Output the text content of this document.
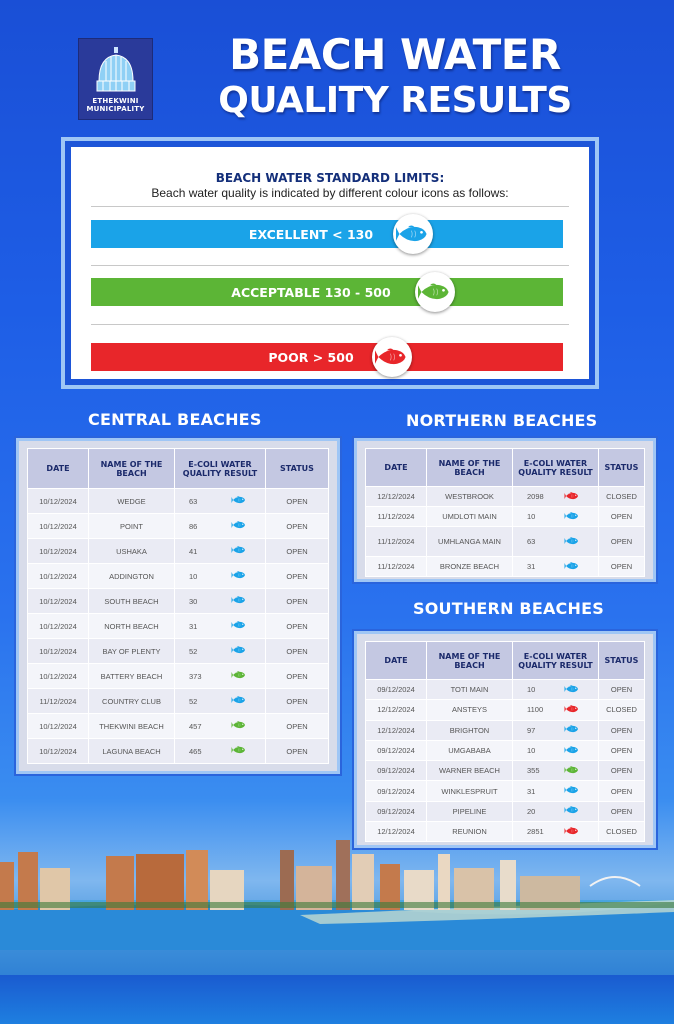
ETHEKWINI
MUNICIPALITY
BEACH WATER
QUALITY RESULTS
BEACH WATER STANDARD LIMITS:
Beach water quality is indicated by different colour icons as follows:
EXCELLENT < 130
ACCEPTABLE 130 - 500
POOR > 500
CENTRAL BEACHES
DATE	NAME OF THE BEACH	E-COLI WATER QUALITY RESULT	STATUS
10/12/2024	WEDGE	63	OPEN
10/12/2024	POINT	86	OPEN
10/12/2024	USHAKA	41	OPEN
10/12/2024	ADDINGTON	10	OPEN
10/12/2024	SOUTH BEACH	30	OPEN
10/12/2024	NORTH BEACH	31	OPEN
10/12/2024	BAY OF PLENTY	52	OPEN
10/12/2024	BATTERY BEACH	373	OPEN
11/12/2024	COUNTRY CLUB	52	OPEN
10/12/2024	THEKWINI BEACH	457	OPEN
10/12/2024	LAGUNA BEACH	465	OPEN
NORTHERN BEACHES
DATE	NAME OF THE BEACH	E-COLI WATER QUALITY RESULT	STATUS
12/12/2024	WESTBROOK	2098	CLOSED
11/12/2024	UMDLOTI MAIN	10	OPEN
11/12/2024	UMHLANGA MAIN	63	OPEN
11/12/2024	BRONZE BEACH	31	OPEN
SOUTHERN BEACHES
DATE	NAME OF THE BEACH	E-COLI WATER QUALITY RESULT	STATUS
09/12/2024	TOTI MAIN	10	OPEN
12/12/2024	ANSTEYS	1100	CLOSED
12/12/2024	BRIGHTON	97	OPEN
09/12/2024	UMGABABA	10	OPEN
09/12/2024	WARNER BEACH	355	OPEN
09/12/2024	WINKLESPRUIT	31	OPEN
09/12/2024	PIPELINE	20	OPEN
12/12/2024	REUNION	2851	CLOSED
